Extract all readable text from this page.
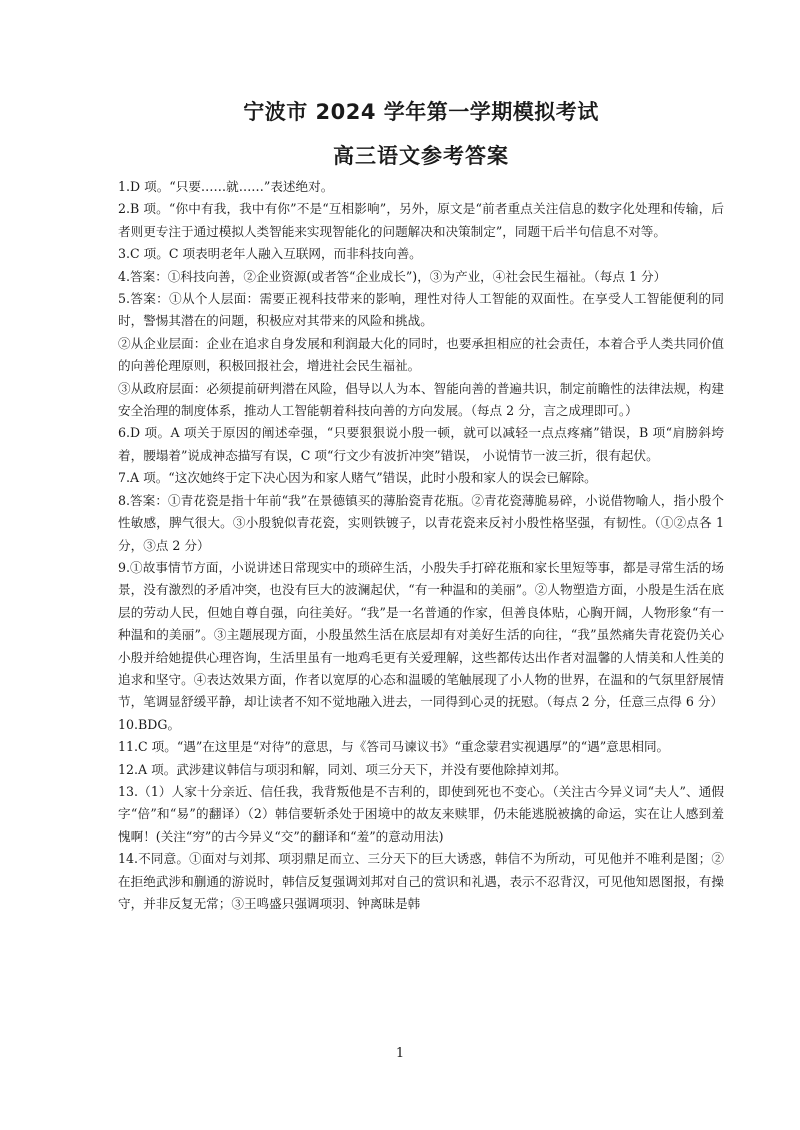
宁波市 2024 学年第一学期模拟考试
高三语文参考答案

1.D 项。“只要……就……”表述绝对。

2.B 项。“你中有我，我中有你”不是“互相影响”，另外，原文是“前者重点关注信息的数字化处理和传输，后者则更专注于通过模拟人类智能来实现智能化的问题解决和决策制定”，同题干后半句信息不对等。

3.C 项。C 项表明老年人融入互联网，而非科技向善。

4.答案：①科技向善，②企业资源(或者答“企业成长”)，③为产业，④社会民生福祉。（每点 1 分）

5.答案：①从个人层面：需要正视科技带来的影响，理性对待人工智能的双面性。在享受人工智能便利的同时，警惕其潜在的问题，积极应对其带来的风险和挑战。

②从企业层面：企业在追求自身发展和利润最大化的同时，也要承担相应的社会责任，本着合乎人类共同价值的向善伦理原则，积极回报社会，增进社会民生福祉。

③从政府层面：必须提前研判潜在风险，倡导以人为本、智能向善的普遍共识，制定前瞻性的法律法规，构建安全治理的制度体系，推动人工智能朝着科技向善的方向发展。（每点 2 分，言之成理即可。）

6.D 项。A 项关于原因的阐述牵强，“只要狠狠说小殷一顿，就可以减轻一点点疼痛”错误，B 项“肩膀斜垮着，腰塌着”说成神态描写有误，C 项“行文少有波折冲突”错误， 小说情节一波三折，很有起伏。

7.A 项。“这次她终于定下决心因为和家人赌气”错误，此时小殷和家人的误会已解除。

8.答案：①青花瓷是指十年前“我”在景德镇买的薄胎瓷青花瓶。②青花瓷薄脆易碎，小说借物喻人，指小殷个性敏感，脾气很大。③小殷貌似青花瓷，实则铁镀子，以青花瓷来反衬小殷性格坚强，有韧性。（①②点各 1 分，③点 2 分）

9.①故事情节方面，小说讲述日常现实中的琐碎生活，小殷失手打碎花瓶和家长里短等事，都是寻常生活的场景，没有激烈的矛盾冲突，也没有巨大的波澜起伏，“有一种温和的美丽”。②人物塑造方面，小殷是生活在底层的劳动人民，但她自尊自强，向往美好。“我”是一名普通的作家，但善良体贴，心胸开阔，人物形象“有一种温和的美丽”。③主题展现方面，小殷虽然生活在底层却有对美好生活的向往，“我”虽然痛失青花瓷仍关心小殷并给她提供心理咨询，生活里虽有一地鸡毛更有关爱理解，这些都传达出作者对温馨的人情美和人性美的追求和坚守。④表达效果方面，作者以宽厚的心态和温暖的笔触展现了小人物的世界，在温和的气氛里舒展情节，笔调显舒缓平静，却让读者不知不觉地融入进去，一同得到心灵的抚慰。（每点 2 分，任意三点得 6 分）

10.BDG。

11.C 项。“遇”在这里是“对待”的意思，与《答司马谏议书》“重念蒙君实视遇厚”的“遇”意思相同。

12.A 项。武涉建议韩信与项羽和解，同刘、项三分天下，并没有要他除掉刘邦。

13.（1）人家十分亲近、信任我，我背叛他是不吉利的，即使到死也不变心。（关注古今异义词“夫人”、通假字“倍”和“易”的翻译）（2）韩信要斩杀处于困境中的故友来赎罪，仍未能逃脱被擒的命运，实在让人感到羞愧啊！(关注“穷”的古今异义“交”的翻译和“羞”的意动用法)

14.不同意。①面对与刘邦、项羽鼎足而立、三分天下的巨大诱惑，韩信不为所动，可见他并不唯利是图；②在拒绝武涉和蒯通的游说时，韩信反复强调刘邦对自己的赏识和礼遇，表示不忍背汉，可见他知恩图报，有操守，并非反复无常；③王鸣盛只强调项羽、钟离昧是韩

1
